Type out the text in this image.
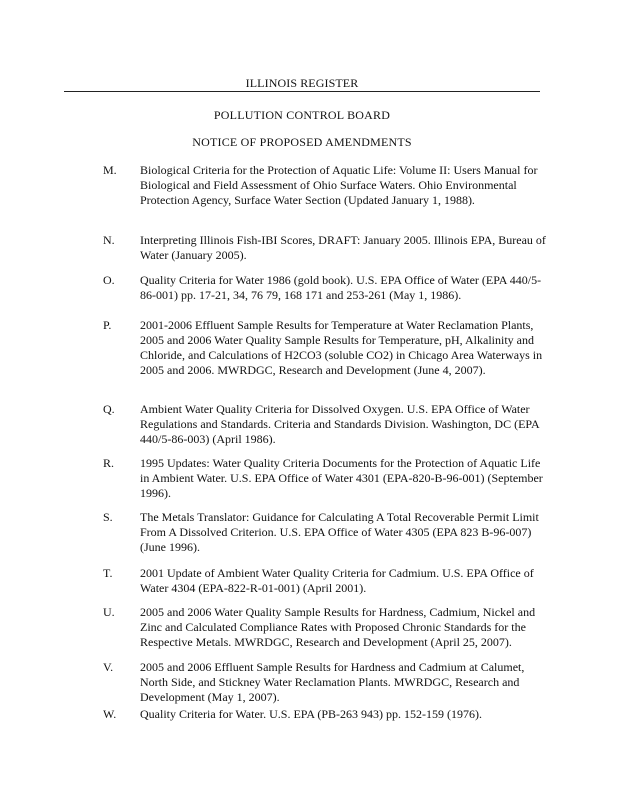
ILLINOIS REGISTER
POLLUTION CONTROL BOARD
NOTICE OF PROPOSED AMENDMENTS
M. Biological Criteria for the Protection of Aquatic Life: Volume II: Users Manual for Biological and Field Assessment of Ohio Surface Waters. Ohio Environmental Protection Agency, Surface Water Section (Updated January 1, 1988).
N. Interpreting Illinois Fish-IBI Scores, DRAFT: January 2005. Illinois EPA, Bureau of Water (January 2005).
O. Quality Criteria for Water 1986 (gold book). U.S. EPA Office of Water (EPA 440/5-86-001) pp. 17-21, 34, 76 79, 168 171 and 253-261 (May 1, 1986).
P. 2001-2006 Effluent Sample Results for Temperature at Water Reclamation Plants, 2005 and 2006 Water Quality Sample Results for Temperature, pH, Alkalinity and Chloride, and Calculations of H2CO3 (soluble CO2) in Chicago Area Waterways in 2005 and 2006. MWRDGC, Research and Development (June 4, 2007).
Q. Ambient Water Quality Criteria for Dissolved Oxygen. U.S. EPA Office of Water Regulations and Standards. Criteria and Standards Division. Washington, DC (EPA 440/5-86-003) (April 1986).
R. 1995 Updates: Water Quality Criteria Documents for the Protection of Aquatic Life in Ambient Water. U.S. EPA Office of Water 4301 (EPA-820-B-96-001) (September 1996).
S. The Metals Translator: Guidance for Calculating A Total Recoverable Permit Limit From A Dissolved Criterion. U.S. EPA Office of Water 4305 (EPA 823 B-96-007) (June 1996).
T. 2001 Update of Ambient Water Quality Criteria for Cadmium. U.S. EPA Office of Water 4304 (EPA-822-R-01-001) (April 2001).
U. 2005 and 2006 Water Quality Sample Results for Hardness, Cadmium, Nickel and Zinc and Calculated Compliance Rates with Proposed Chronic Standards for the Respective Metals. MWRDGC, Research and Development (April 25, 2007).
V. 2005 and 2006 Effluent Sample Results for Hardness and Cadmium at Calumet, North Side, and Stickney Water Reclamation Plants. MWRDGC, Research and Development (May 1, 2007).
W. Quality Criteria for Water. U.S. EPA (PB-263 943) pp. 152-159 (1976).
